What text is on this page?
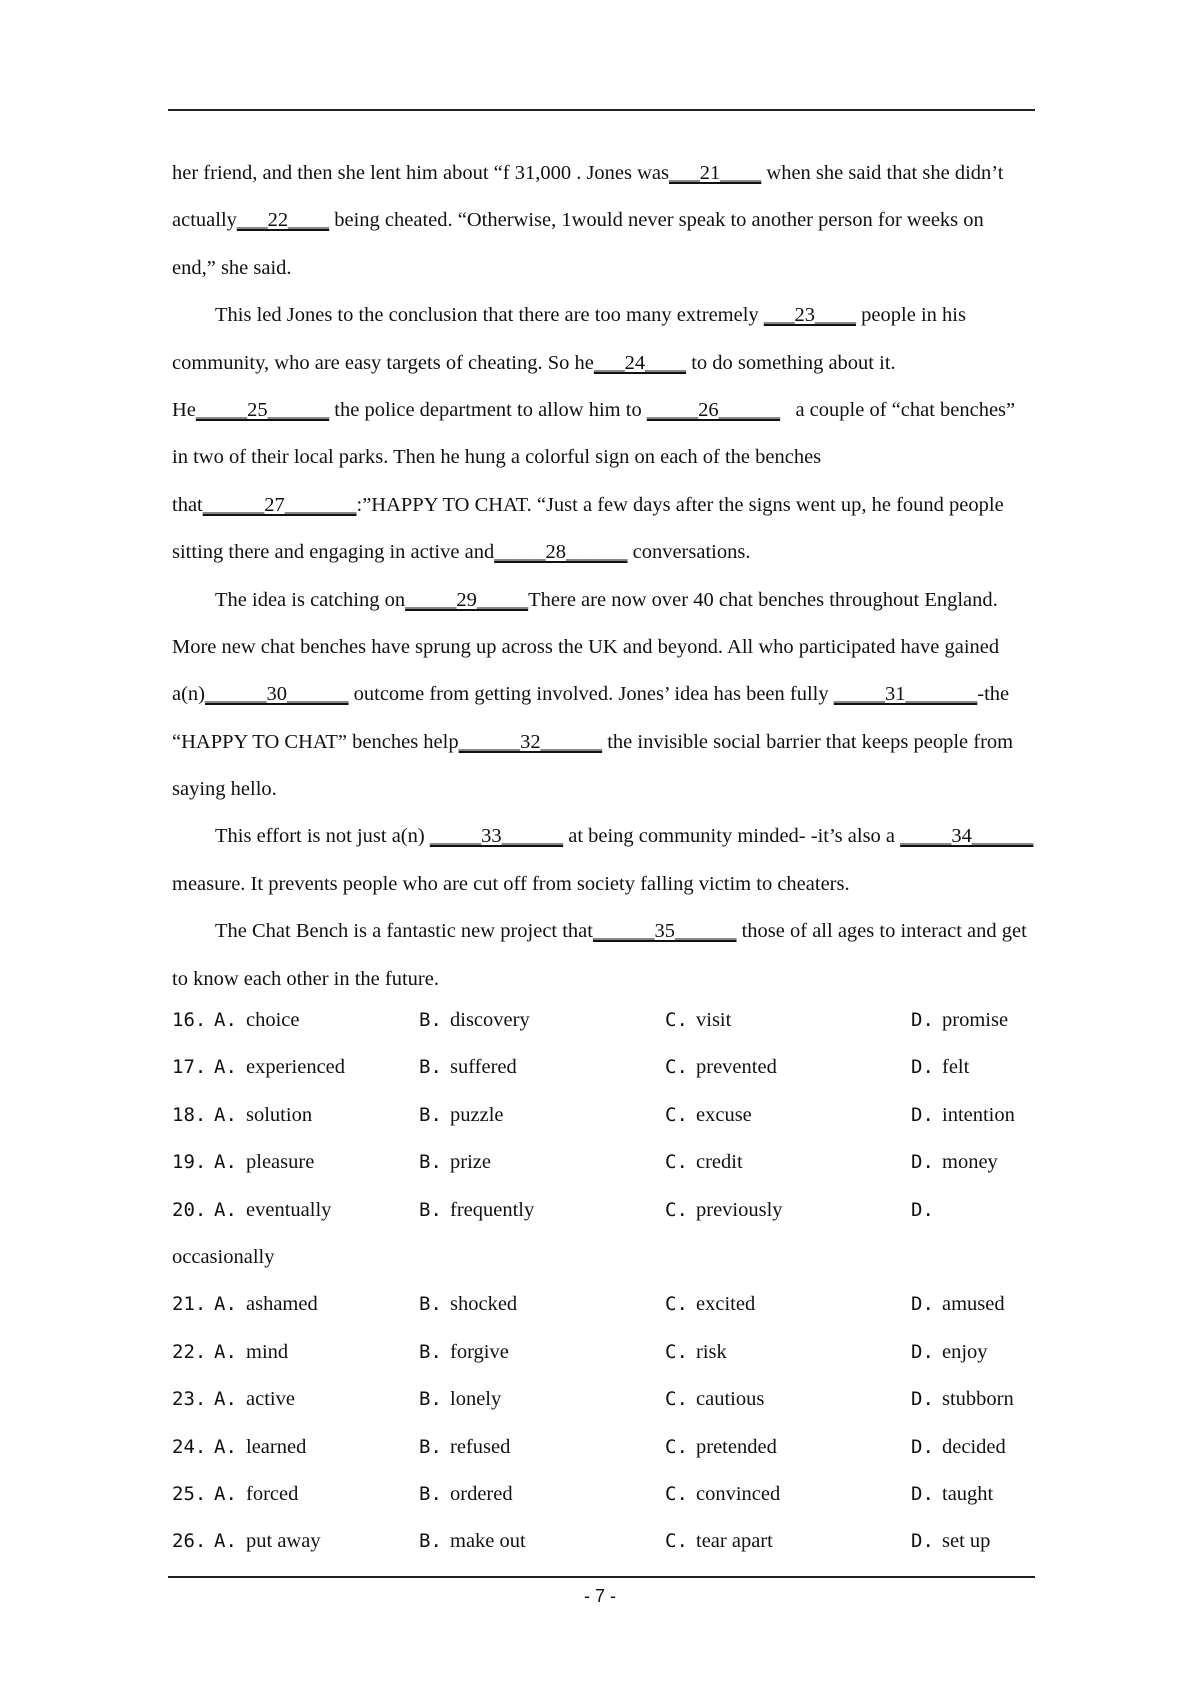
her friend, and then she lent him about “f 31,000 . Jones was___21____ when she said that she didn’t
actually___22____ being cheated. “Otherwise, 1would never speak to another person for weeks on
end,” she said.
This led Jones to the conclusion that there are too many extremely ___23____ people in his
community, who are easy targets of cheating. So he___24____ to do something about it.
He_____25______ the police department to allow him to _____26______   a couple of “chat benches”
in two of their local parks. Then he hung a colorful sign on each of the benches
that______27_______:”HAPPY TO CHAT. “Just a few days after the signs went up, he found people
sitting there and engaging in active and_____28______ conversations.
The idea is catching on_____29_____There are now over 40 chat benches throughout England.
More new chat benches have sprung up across the UK and beyond. All who participated have gained
a(n)______30______ outcome from getting involved. Jones’ idea has been fully _____31_______-the
“HAPPY TO CHAT” benches help______32______ the invisible social barrier that keeps people from
saying hello.
This effort is not just a(n) _____33______ at being community minded- -it’s also a _____34______
measure. It prevents people who are cut off from society falling victim to cheaters.
The Chat Bench is a fantastic new project that______35______ those of all ages to interact and get
to know each other in the future.
16. A. choice	B. discovery	C. visit	D. promise
17. A. experienced	B. suffered	C. prevented	D. felt
18. A. solution	B. puzzle	C. excuse	D. intention
19. A. pleasure	B. prize	C. credit	D. money
20. A. eventually	B. frequently	C. previously	D.
occasionally
21. A. ashamed	B. shocked	C. excited	D. amused
22. A. mind	B. forgive	C. risk	D. enjoy
23. A. active	B. lonely	C. cautious	D. stubborn
24. A. learned	B. refused	C. pretended	D. decided
25. A. forced	B. ordered	C. convinced	D. taught
26. A. put away	B. make out	C. tear apart	D. set up
- 7 -
